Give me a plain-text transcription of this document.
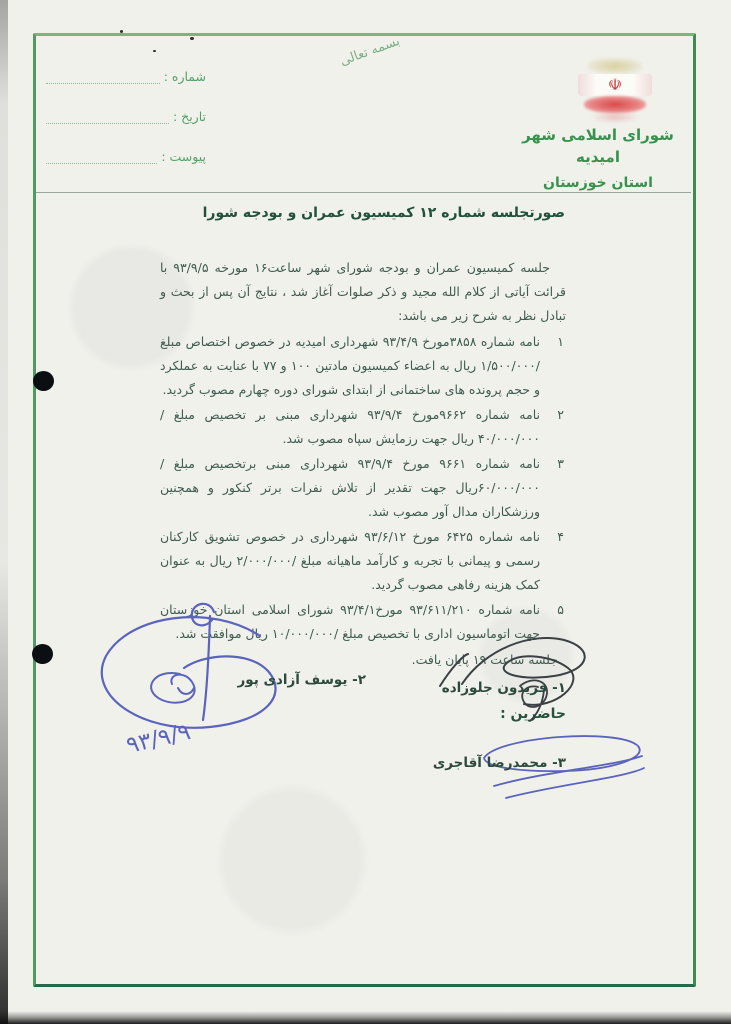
بسمه تعالی
شماره :
تاریخ :
پیوست :
☫
شورای اسلامی شهر امیدیه
استان خوزستان
صورتجلسه شماره ۱۲ کمیسیون عمران و بودجه شورا

جلسه کمیسیون عمران و بودجه شورای شهر ساعت۱۶ مورخه ۹۳/۹/۵ با قرائت آیاتی از کلام الله مجید و ذکر صلوات آغاز شد ، نتایج آن پس از بحث و تبادل نظر به شرح زیر می باشد:

۱
نامه شماره ۳۸۵۸مورخ ۹۳/۴/۹ شهرداری امیدیه در خصوص اختصاص مبلغ /۱/۵۰۰/۰۰۰ ریال به اعضاء کمیسیون مادتین ۱۰۰ و ۷۷ با عنایت به عملکرد و حجم پرونده های ساختمانی از ابتدای شورای دوره چهارم مصوب گردید.
۲
نامه شماره ۹۶۶۲مورخ ۹۳/۹/۴ شهرداری مبنی بر تخصیص مبلغ /۴۰/۰۰۰/۰۰۰ ریال جهت رزمایش سپاه مصوب شد.
۳
نامه شماره ۹۶۶۱ مورخ ۹۳/۹/۴ شهرداری مبنی برتخصیص مبلغ /۶۰/۰۰۰/۰۰۰ریال جهت تقدیر از تلاش نفرات برتر کنکور و همچنین ورزشکاران مدال آور مصوب شد.
۴
نامه شماره ۶۴۲۵ مورخ ۹۳/۶/۱۲ شهرداری در خصوص تشویق کارکنان رسمی و پیمانی با تجربه و کارآمد ماهیانه مبلغ /۲/۰۰۰/۰۰۰ ریال به عنوان کمک هزینه رفاهی مصوب گردید.
۵
نامه شماره ۹۳/۶۱۱/۲۱۰ مورخ۹۳/۴/۱ شورای اسلامی استان خوزستان جهت اتوماسیون اداری با تخصیص مبلغ /۱۰/۰۰۰/۰۰۰ ریال موافقت شد.
جلسه ساعت ۱۹ پایان یافت.
حاضرین :
۱- فریدون جلوزاده
۲- یوسف آزادی پور
۳- محمدرضا آقاجری
۹۳/۹/۹
